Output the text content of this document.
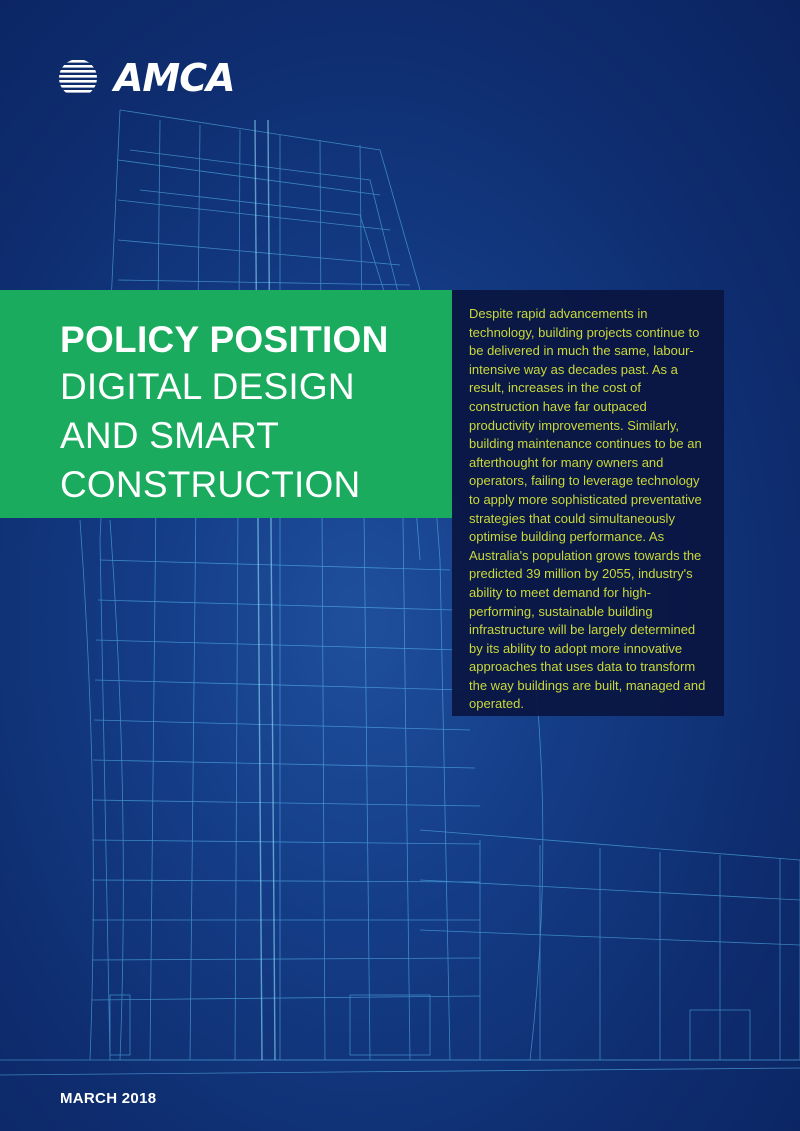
AMCA
POLICY POSITION
DIGITAL DESIGN
AND SMART
CONSTRUCTION

Despite rapid advancements in technology, building projects continue to be delivered in much the same, labour-intensive way as decades past. As a result, increases in the cost of construction have far outpaced productivity improvements. Similarly, building maintenance continues to be an afterthought for many owners and operators, failing to leverage technology to apply more sophisticated preventative strategies that could simultaneously optimise building performance. As Australia's population grows towards the predicted 39 million by 2055, industry's ability to meet demand for high-performing, sustainable building infrastructure will be largely determined by its ability to adopt more innovative approaches that uses data to transform the way buildings are built, managed and operated.

MARCH 2018
